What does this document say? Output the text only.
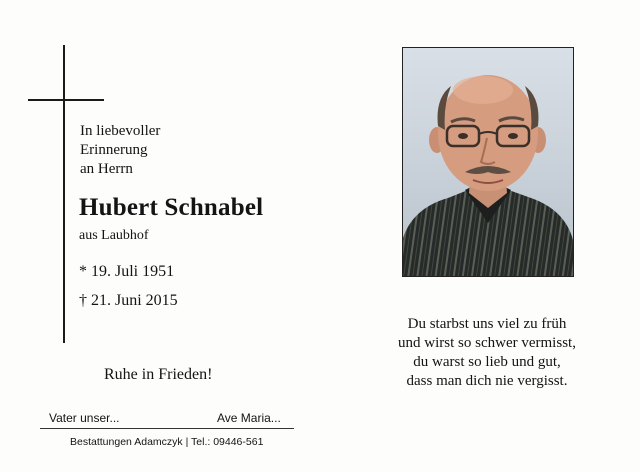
In liebevoller
Erinnerung
an Herrn
Hubert Schnabel
aus Laubhof
* 19. Juli 1951
† 21. Juni 2015
Ruhe in Frieden!
Vater unser...	Ave Maria...
Bestattungen Adamczyk | Tel.: 09446-561
Du starbst uns viel zu früh
und wirst so schwer vermisst,
du warst so lieb und gut,
dass man dich nie vergisst.
